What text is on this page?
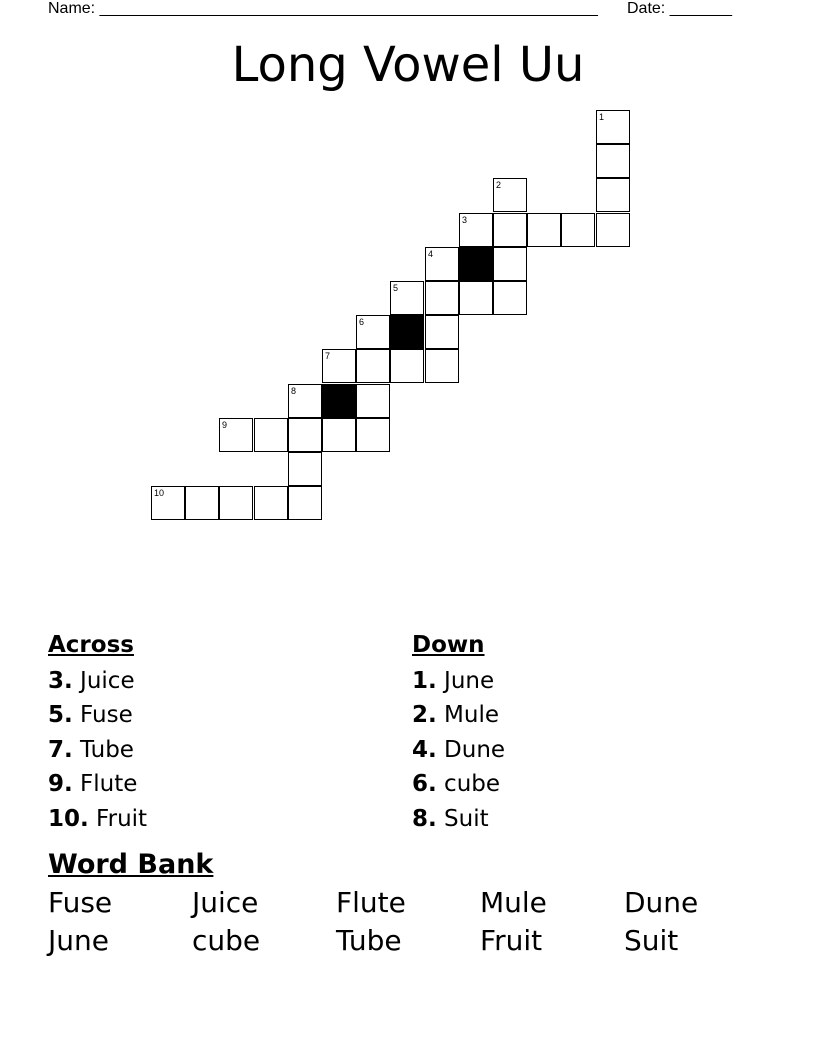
Name: ________________________________________________________ Date: _______
Long Vowel Uu
1
2
3
4
5
6
7
8
9
10
Across	Down
3. Juice
5. Fuse
7. Tube
9. Flute
10. Fruit
1. June
2. Mule
4. Dune
6. cube
8. Suit
Word Bank
Fuse	Juice	Flute	Mule	Dune
June	cube	Tube	Fruit	Suit
